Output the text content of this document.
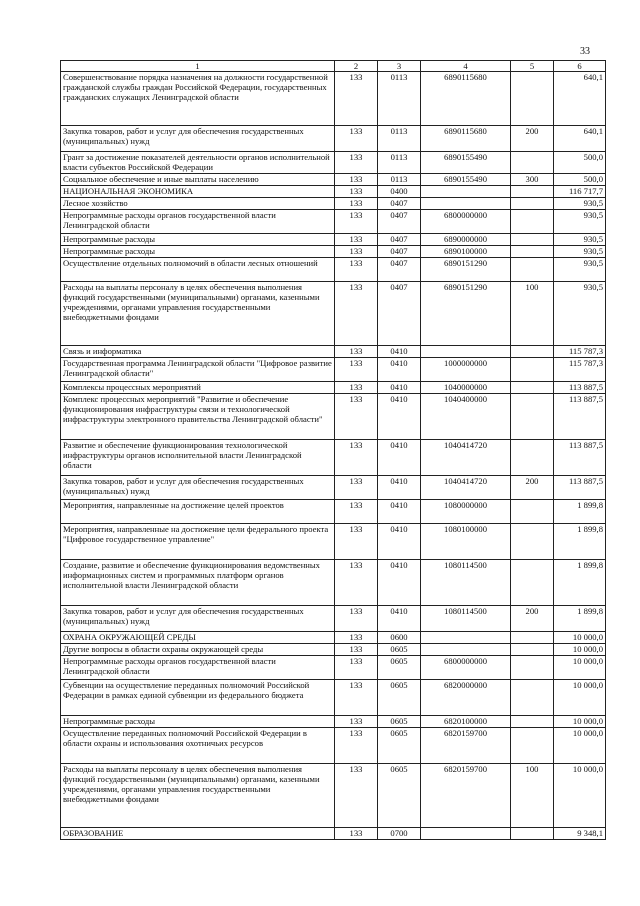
33
1	2	3	4	5	6
Совершенствование порядка назначения на должности государственной гражданской службы граждан Российской Федерации, государственных гражданских служащих Ленинградской области	133	0113	6890115680		640,1
Закупка товаров, работ и услуг для обеспечения государственных (муниципальных) нужд	133	0113	6890115680	200	640,1
Грант за достижение показателей деятельности органов исполнительной власти субъектов Российской Федерации	133	0113	6890155490		500,0
Социальное обеспечение и иные выплаты населению	133	0113	6890155490	300	500,0
НАЦИОНАЛЬНАЯ ЭКОНОМИКА	133	0400			116 717,7
Лесное хозяйство	133	0407			930,5
Непрограммные расходы органов государственной власти Ленинградской области	133	0407	6800000000		930,5
Непрограммные расходы	133	0407	6890000000		930,5
Непрограммные расходы	133	0407	6890100000		930,5
Осуществление отдельных полномочий в области лесных отношений	133	0407	6890151290		930,5
Расходы на выплаты персоналу в целях обеспечения выполнения функций государственными (муниципальными) органами, казенными учреждениями, органами управления государственными внебюджетными фондами	133	0407	6890151290	100	930,5
Связь и информатика	133	0410			115 787,3
Государственная программа Ленинградской области "Цифровое развитие Ленинградской области"	133	0410	1000000000		115 787,3
Комплексы процессных мероприятий	133	0410	1040000000		113 887,5
Комплекс процессных мероприятий "Развитие и обеспечение функционирования инфраструктуры связи и технологической инфраструктуры электронного правительства Ленинградской области"	133	0410	1040400000		113 887,5
Развитие и обеспечение функционирования технологической инфраструктуры органов исполнительной власти Ленинградской области	133	0410	1040414720		113 887,5
Закупка товаров, работ и услуг для обеспечения государственных (муниципальных) нужд	133	0410	1040414720	200	113 887,5
Мероприятия, направленные на достижение целей проектов	133	0410	1080000000		1 899,8
Мероприятия, направленные на достижение цели федерального проекта "Цифровое государственное управление"	133	0410	1080100000		1 899,8
Создание, развитие и обеспечение функционирования ведомственных информационных систем и программных платформ органов исполнительной власти Ленинградской области	133	0410	1080114500		1 899,8
Закупка товаров, работ и услуг для обеспечения государственных (муниципальных) нужд	133	0410	1080114500	200	1 899,8
ОХРАНА ОКРУЖАЮЩЕЙ СРЕДЫ	133	0600			10 000,0
Другие вопросы в области охраны окружающей среды	133	0605			10 000,0
Непрограммные расходы органов государственной власти Ленинградской области	133	0605	6800000000		10 000,0
Субвенции на осуществление переданных полномочий Российской Федерации в рамках единой субвенции из федерального бюджета	133	0605	6820000000		10 000,0
Непрограммные расходы	133	0605	6820100000		10 000,0
Осуществление переданных полномочий Российской Федерации в области охраны и использования охотничьих ресурсов	133	0605	6820159700		10 000,0
Расходы на выплаты персоналу в целях обеспечения выполнения функций государственными (муниципальными) органами, казенными учреждениями, органами управления государственными внебюджетными фондами	133	0605	6820159700	100	10 000,0
ОБРАЗОВАНИЕ	133	0700			9 348,1
